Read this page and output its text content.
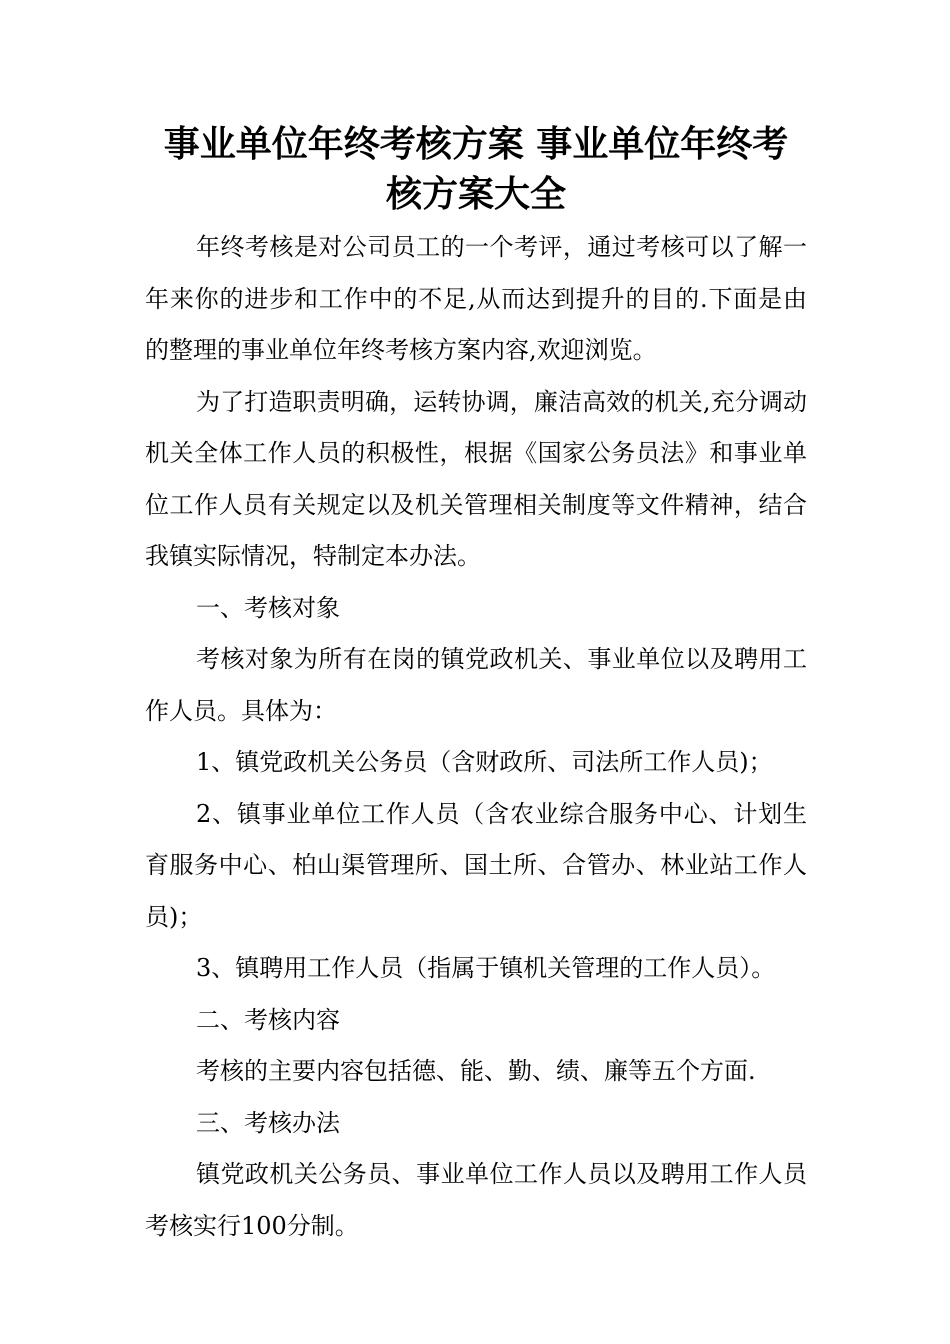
事业单位年终考核方案 事业单位年终考
核方案大全

年终考核是对公司员工的一个考评，通过考核可以了解一年来你的进步和工作中的不足,从而达到提升的目的.下面是由的整理的事业单位年终考核方案内容,欢迎浏览。

为了打造职责明确，运转协调，廉洁高效的机关,充分调动机关全体工作人员的积极性，根据《国家公务员法》和事业单位工作人员有关规定以及机关管理相关制度等文件精神，结合我镇实际情况，特制定本办法。

一、考核对象

考核对象为所有在岗的镇党政机关、事业单位以及聘用工作人员。具体为：

1、镇党政机关公务员（含财政所、司法所工作人员)；

2、镇事业单位工作人员（含农业综合服务中心、计划生育服务中心、柏山渠管理所、国土所、合管办、林业站工作人员)；

3、镇聘用工作人员（指属于镇机关管理的工作人员）。

二、考核内容

考核的主要内容包括德、能、勤、绩、廉等五个方面.

三、考核办法

镇党政机关公务员、事业单位工作人员以及聘用工作人员考核实行100分制。
